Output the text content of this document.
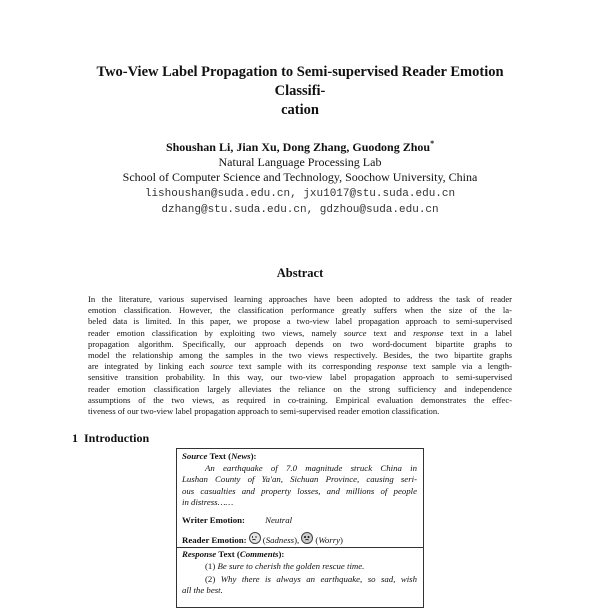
Two-View Label Propagation to Semi-supervised Reader Emotion Classifi-
cation
Shoushan Li, Jian Xu, Dong Zhang, Guodong Zhou*
Natural Language Processing Lab
School of Computer Science and Technology, Soochow University, China
lishoushan@suda.edu.cn, jxu1017@stu.suda.edu.cn
dzhang@stu.suda.edu.cn, gdzhou@suda.edu.cn
Abstract
In the literature, various supervised learning approaches have been adopted to address the task of reader
emotion classification. However, the classification performance greatly suffers when the size of the la-
beled data is limited. In this paper, we propose a two-view label propagation approach to semi-supervised
reader emotion classification by exploiting two views, namely source text and response text in a label
propagation algorithm. Specifically, our approach depends on two word-document bipartite graphs to
model the relationship among the samples in the two views respectively. Besides, the two bipartite graphs
are integrated by linking each source text sample with its corresponding response text sample via a length-
sensitive transition probability. In this way, our two-view label propagation approach to semi-supervised
reader emotion classification largely alleviates the reliance on the strong sufficiency and independence
assumptions of the two views, as required in co-training. Empirical evaluation demonstrates the effec-
tiveness of our two-view label propagation approach to semi-supervised reader emotion classification.
1 Introduction
Source Text (News):
An earthquake of 7.0 magnitude struck China in
Lushan County of Ya'an, Sichuan Province, causing seri-
ous casualties and property losses, and millions of people
in distress……
Writer Emotion: Neutral
Reader Emotion: (Sadness), (Worry)
Response Text (Comments):
(1) Be sure to cherish the golden rescue time.
(2) Why there is always an earthquake, so sad, wish
all the best.
